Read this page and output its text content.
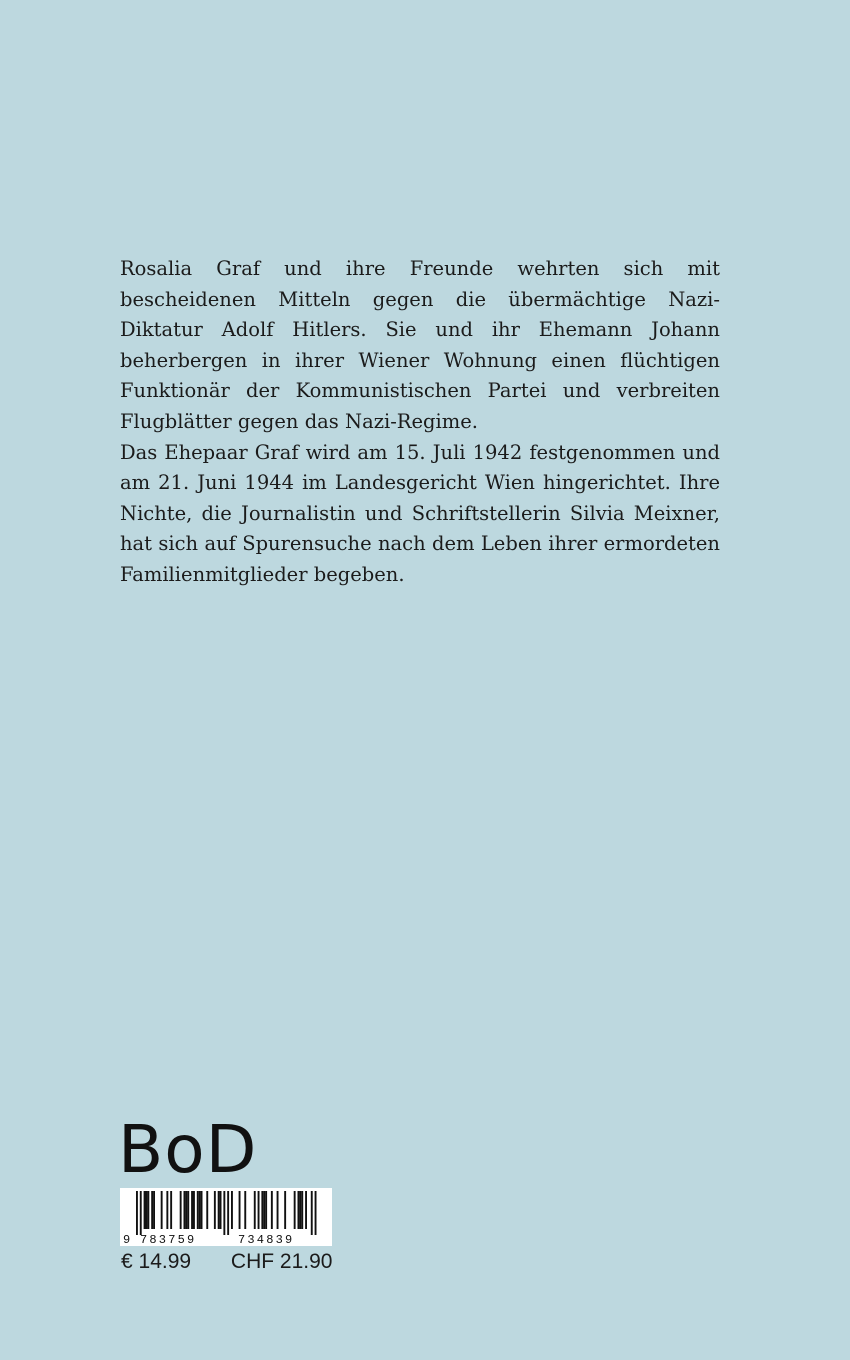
Rosalia Graf und ihre Freunde wehrten sich mit bescheidenen Mitteln gegen die übermächtige Nazi-Diktatur Adolf Hitlers. Sie und ihr Ehemann Johann beherbergen in ihrer Wiener Wohnung einen flüchtigen Funktionär der Kommunistischen Partei und verbreiten Flugblätter gegen das Nazi-Regime.

Das Ehepaar Graf wird am 15. Juli 1942 festgenommen und am 21. Juni 1944 im Landesgericht Wien hingerichtet. Ihre Nichte, die Journalistin und Schriftstellerin Silvia Meixner, hat sich auf Spurensuche nach dem Leben ihrer ermordeten Familienmitglieder begeben.

BoD
9 783759	734839
€ 14.99 CHF 21.90
